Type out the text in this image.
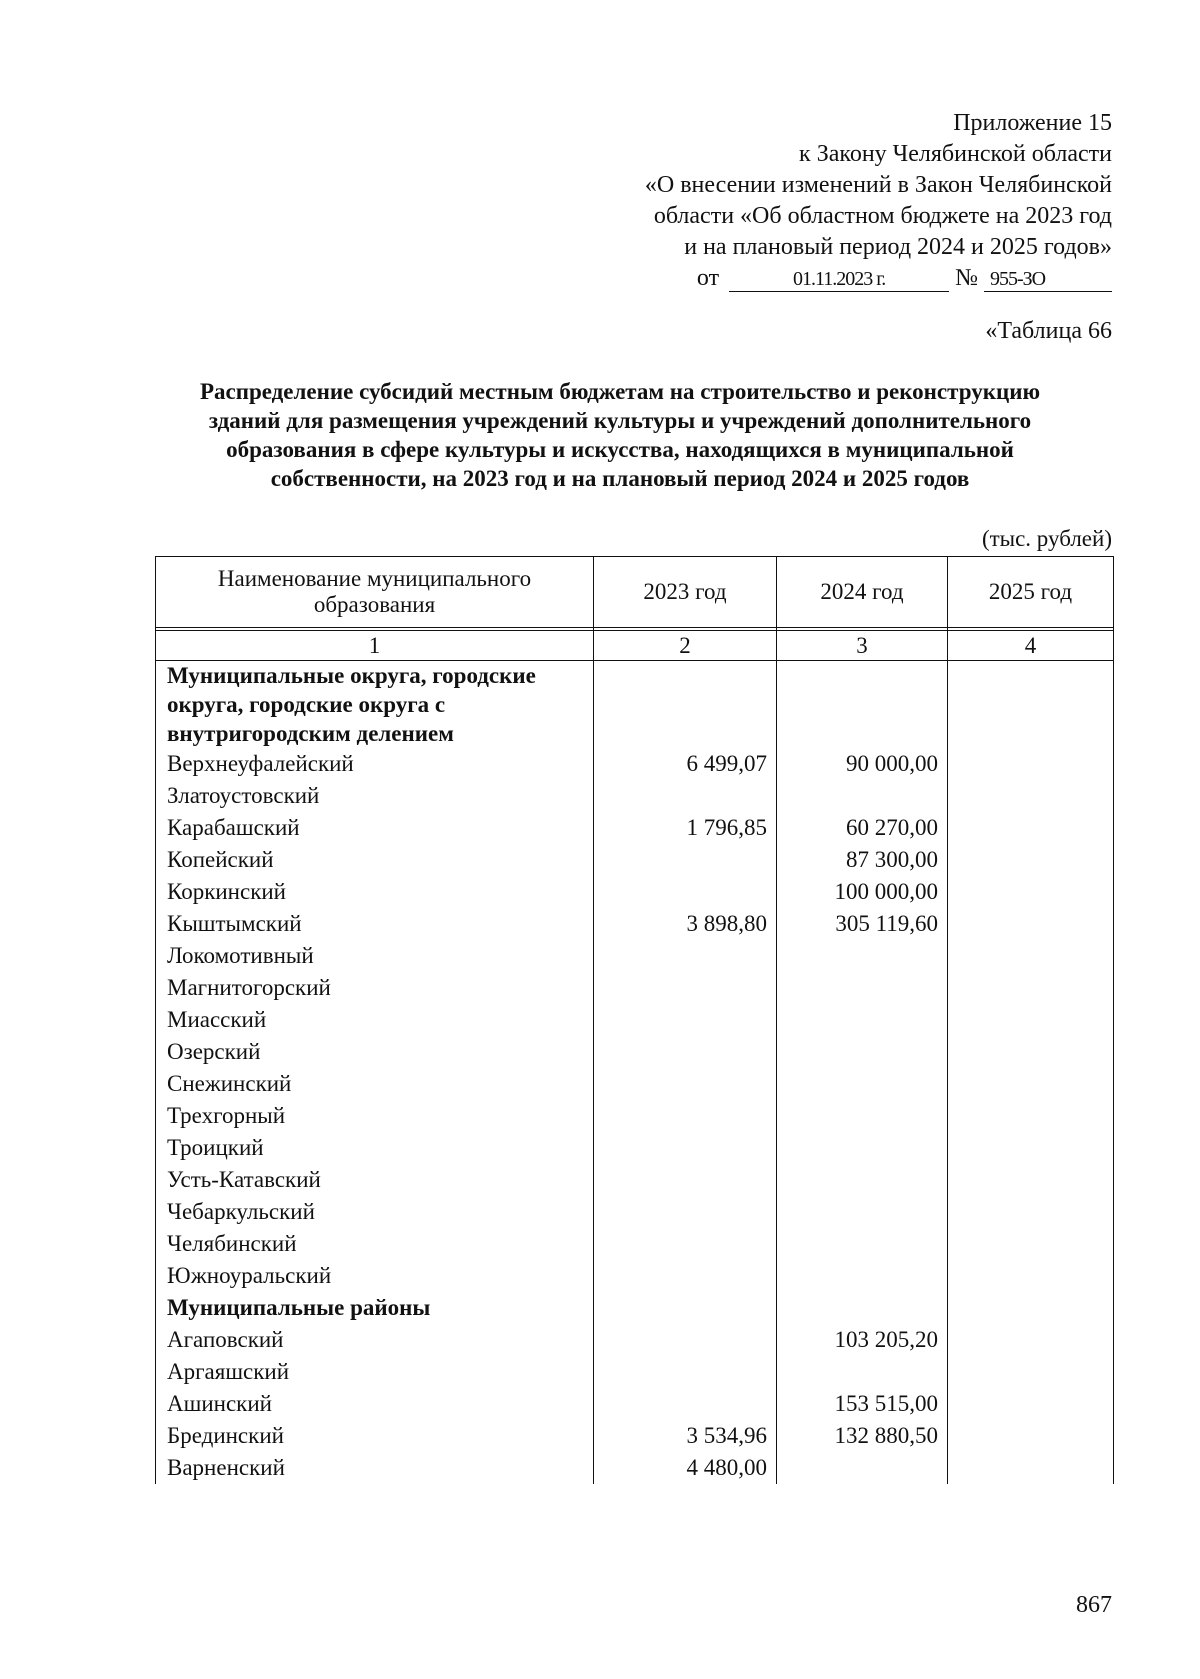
Приложение 15
к Закону Челябинской области
«О внесении изменений в Закон Челябинской
области «Об областном бюджете на 2023 год
и на плановый период 2024 и 2025 годов»
от	01.11.2023 г.	№ 955-ЗО
«Таблица 66
Распределение субсидий местным бюджетам на строительство и реконструкцию
зданий для размещения учреждений культуры и учреждений дополнительного
образования в сфере культуры и искусства, находящихся в муниципальной
собственности, на 2023 год и на плановый период 2024 и 2025 годов
(тыс. рублей)
Наименование муниципального образования	2023 год	2024 год	2025 год

1	2	3	4
Муниципальные округа, городские округа, городские округа с внутригородским делением			
Верхнеуфалейский	6 499,07	90 000,00	
Златоустовский			
Карабашский	1 796,85	60 270,00	
Копейский		87 300,00	
Коркинский		100 000,00	
Кыштымский	3 898,80	305 119,60	
Локомотивный			
Магнитогорский			
Миасский			
Озерский			
Снежинский			
Трехгорный			
Троицкий			
Усть-Катавский			
Чебаркульский			
Челябинский			
Южноуральский			
Муниципальные районы			
Агаповский		103 205,20	
Аргаяшский			
Ашинский		153 515,00	
Брединский	3 534,96	132 880,50	
Варненский	4 480,00		
867
